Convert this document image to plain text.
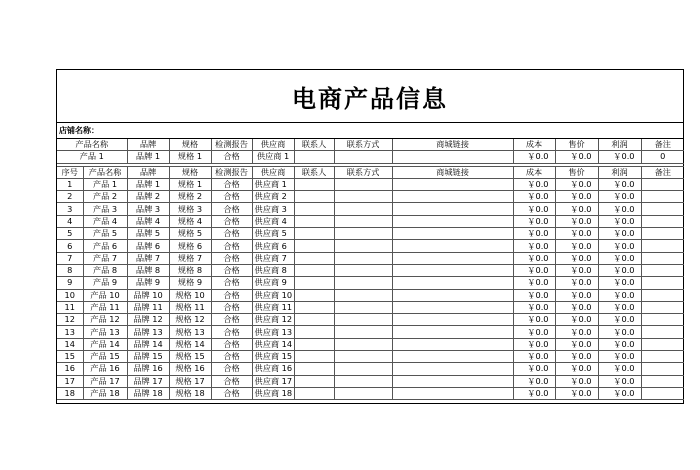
电商产品信息
店铺名称：
产品名称		品牌	规格	检测报告	供应商	联系人	联系方式	商城链接	成本	售价	利润	备注
产品 1		品牌 1	规格 1	合格	供应商 1				￥0.0	￥0.0	￥0.0	0

序号	产品名称	品牌	规格	检测报告	供应商	联系人	联系方式	商城链接	成本	售价	利润	备注
1	产品 1	品牌 1	规格 1	合格	供应商 1				￥0.0	￥0.0	￥0.0	
2	产品 2	品牌 2	规格 2	合格	供应商 2				￥0.0	￥0.0	￥0.0	
3	产品 3	品牌 3	规格 3	合格	供应商 3				￥0.0	￥0.0	￥0.0	
4	产品 4	品牌 4	规格 4	合格	供应商 4				￥0.0	￥0.0	￥0.0	
5	产品 5	品牌 5	规格 5	合格	供应商 5				￥0.0	￥0.0	￥0.0	
6	产品 6	品牌 6	规格 6	合格	供应商 6				￥0.0	￥0.0	￥0.0	
7	产品 7	品牌 7	规格 7	合格	供应商 7				￥0.0	￥0.0	￥0.0	
8	产品 8	品牌 8	规格 8	合格	供应商 8				￥0.0	￥0.0	￥0.0	
9	产品 9	品牌 9	规格 9	合格	供应商 9				￥0.0	￥0.0	￥0.0	
10	产品 10	品牌 10	规格 10	合格	供应商 10				￥0.0	￥0.0	￥0.0	
11	产品 11	品牌 11	规格 11	合格	供应商 11				￥0.0	￥0.0	￥0.0	
12	产品 12	品牌 12	规格 12	合格	供应商 12				￥0.0	￥0.0	￥0.0	
13	产品 13	品牌 13	规格 13	合格	供应商 13				￥0.0	￥0.0	￥0.0	
14	产品 14	品牌 14	规格 14	合格	供应商 14				￥0.0	￥0.0	￥0.0	
15	产品 15	品牌 15	规格 15	合格	供应商 15				￥0.0	￥0.0	￥0.0	
16	产品 16	品牌 16	规格 16	合格	供应商 16				￥0.0	￥0.0	￥0.0	
17	产品 17	品牌 17	规格 17	合格	供应商 17				￥0.0	￥0.0	￥0.0	
18	产品 18	品牌 18	规格 18	合格	供应商 18				￥0.0	￥0.0	￥0.0	
